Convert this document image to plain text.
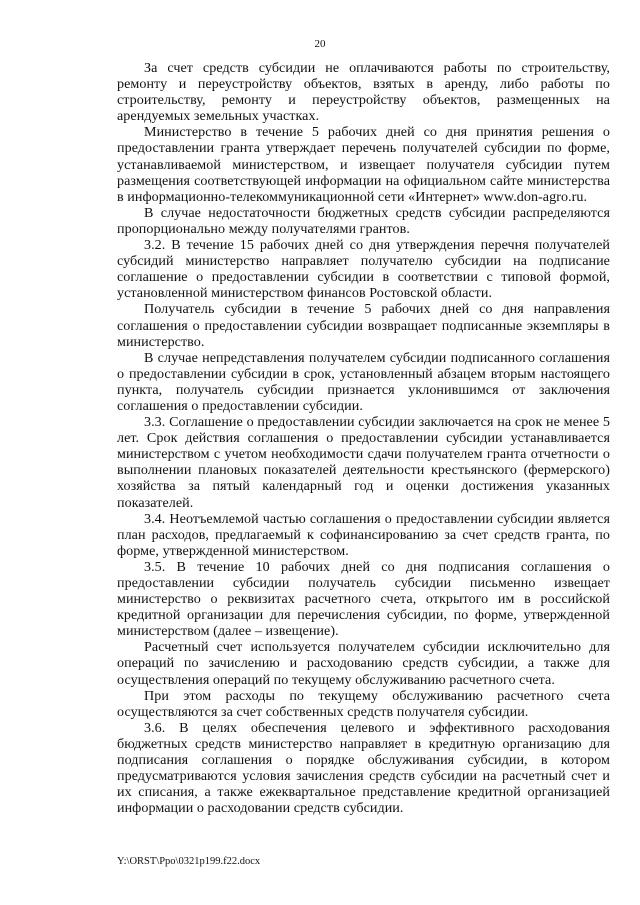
20

За счет средств субсидии не оплачиваются работы по строительству, ремонту и переустройству объектов, взятых в аренду, либо работы по строительству, ремонту и переустройству объектов, размещенных на арендуемых земельных участках.

Министерство в течение 5 рабочих дней со дня принятия решения о предоставлении гранта утверждает перечень получателей субсидии по форме, устанавливаемой министерством, и извещает получателя субсидии путем размещения соответствующей информации на официальном сайте министерства в информационно-телекоммуникационной сети «Интернет» www.don-agro.ru.

В случае недостаточности бюджетных средств субсидии распределяются пропорционально между получателями грантов.

3.2. В течение 15 рабочих дней со дня утверждения перечня получателей субсидий министерство направляет получателю субсидии на подписание соглашение о предоставлении субсидии в соответствии с типовой формой, установленной министерством финансов Ростовской области.

Получатель субсидии в течение 5 рабочих дней со дня направления соглашения о предоставлении субсидии возвращает подписанные экземпляры в министерство.

В случае непредставления получателем субсидии подписанного соглашения о предоставлении субсидии в срок, установленный абзацем вторым настоящего пункта, получатель субсидии признается уклонившимся от заключения соглашения о предоставлении субсидии.

3.3. Соглашение о предоставлении субсидии заключается на срок не менее 5 лет. Срок действия соглашения о предоставлении субсидии устанавливается министерством с учетом необходимости сдачи получателем гранта отчетности о выполнении плановых показателей деятельности крестьянского (фермерского) хозяйства за пятый календарный год и оценки достижения указанных показателей.

3.4. Неотъемлемой частью соглашения о предоставлении субсидии является план расходов, предлагаемый к софинансированию за счет средств гранта, по форме, утвержденной министерством.

3.5. В течение 10 рабочих дней со дня подписания соглашения о предоставлении субсидии получатель субсидии письменно извещает министерство о реквизитах расчетного счета, открытого им в российской кредитной организации для перечисления субсидии, по форме, утвержденной министерством (далее – извещение).

Расчетный счет используется получателем субсидии исключительно для операций по зачислению и расходованию средств субсидии, а также для осуществления операций по текущему обслуживанию расчетного счета.

При этом расходы по текущему обслуживанию расчетного счета осуществляются за счет собственных средств получателя субсидии.

3.6. В целях обеспечения целевого и эффективного расходования бюджетных средств министерство направляет в кредитную организацию для подписания соглашения о порядке обслуживания субсидии, в котором предусматриваются условия зачисления средств субсидии на расчетный счет и их списания, а также ежеквартальное представление кредитной организацией информации о расходовании средств субсидии.

Y:\ORST\Ppo\0321p199.f22.docx
